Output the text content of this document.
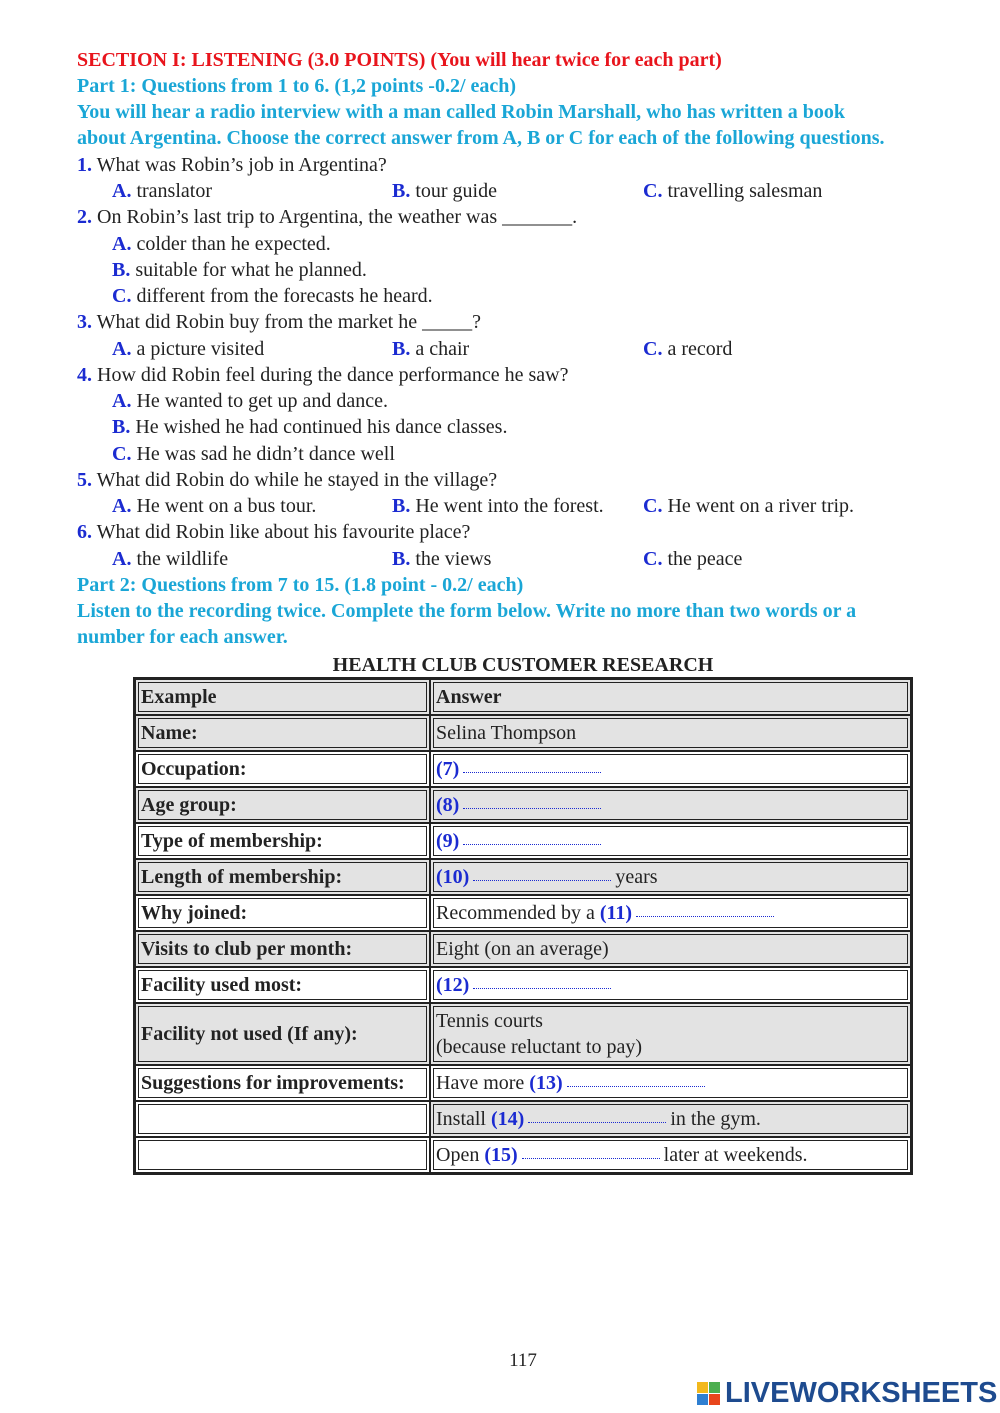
SECTION I: LISTENING (3.0 POINTS) (You will hear twice for each part)
Part 1: Questions from 1 to 6. (1,2 points -0.2/ each)
You will hear a radio interview with a man called Robin Marshall, who has written a book
about Argentina. Choose the correct answer from A, B or C for each of the following questions.
1. What was Robin’s job in Argentina?
A. translator	B. tour guide	C. travelling salesman
2. On Robin’s last trip to Argentina, the weather was _______.
A. colder than he expected.
B. suitable for what he planned.
C. different from the forecasts he heard.
3. What did Robin buy from the market he _____?
A. a picture visited	B. a chair	C. a record
4. How did Robin feel during the dance performance he saw?
A. He wanted to get up and dance.
B. He wished he had continued his dance classes.
C. He was sad he didn’t dance well
5. What did Robin do while he stayed in the village?
A. He went on a bus tour.	B. He went into the forest. C. He went on a river trip.
6. What did Robin like about his favourite place?
A. the wildlife	B. the views	C. the peace
Part 2: Questions from 7 to 15. (1.8 point - 0.2/ each)
Listen to the recording twice. Complete the form below. Write no more than two words or a
number for each answer.
HEALTH CLUB CUSTOMER RESEARCH
Example	Answer
Name:	Selina Thompson
Occupation:	(7)
Age group:	(8)
Type of membership:	(9)
Length of membership:	(10) years
Why joined:	Recommended by a (11)
Visits to club per month:	Eight (on an average)
Facility used most:	(12)
Facility not used (If any):	Tennis courts
(because reluctant to pay)

Suggestions for improvements:	Have more (13)
	Install (14) in the gym.
	Open (15) later at weekends.
117
LIVEWORKSHEETS
